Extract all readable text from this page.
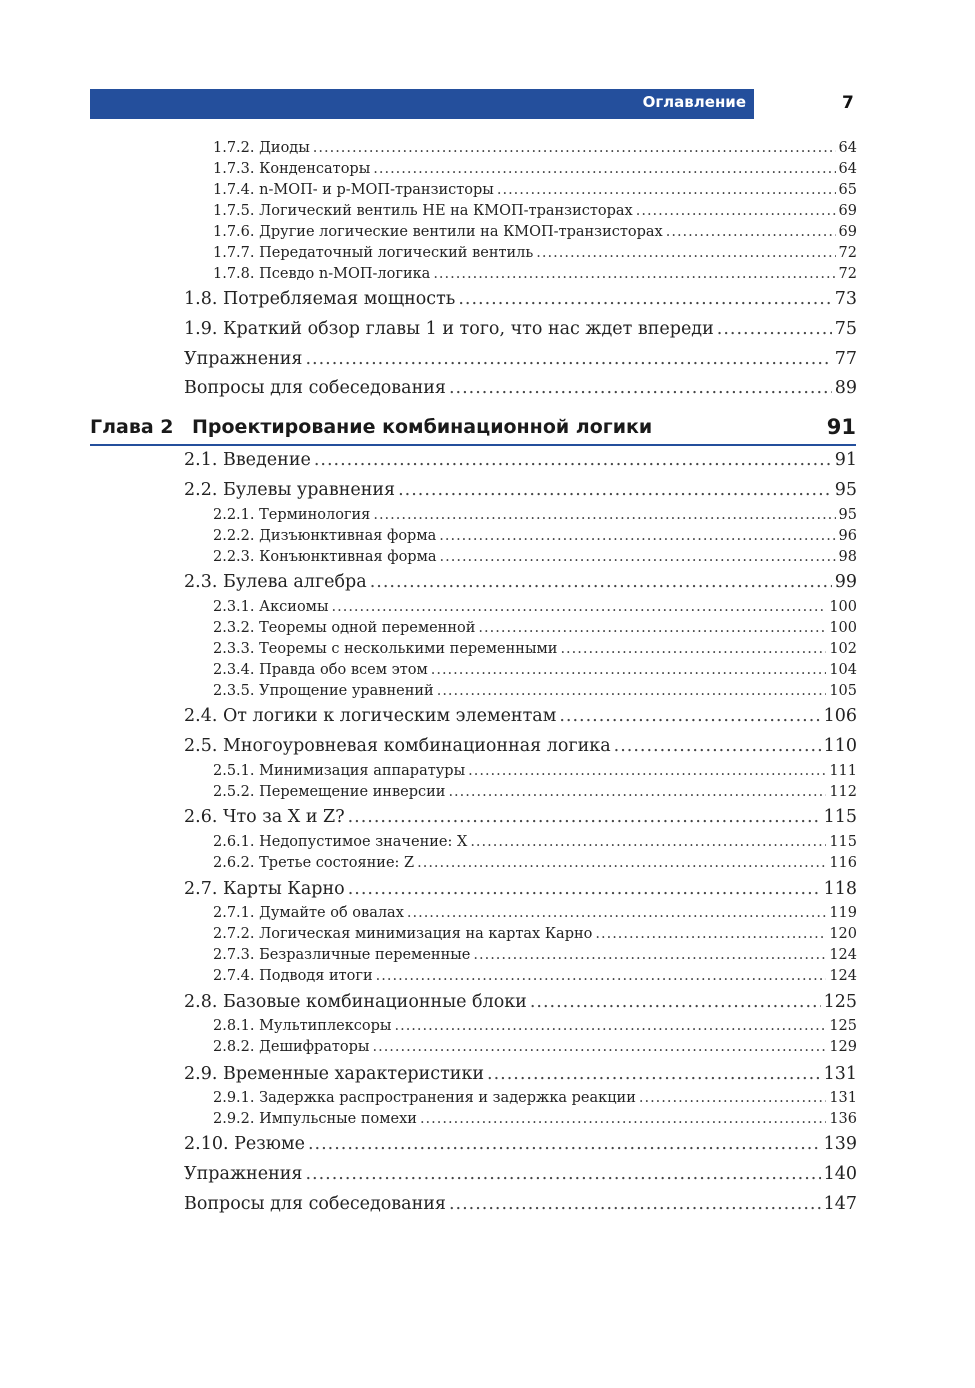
Оглавление	7
1.7.2. Диоды .....	64
1.7.3. Конденсаторы .....	64
1.7.4. n-МОП- и p-МОП-транзисторы .....	65
1.7.5. Логический вентиль НЕ на КМОП-транзисторах .....	69
1.7.6. Другие логические вентили на КМОП-транзисторах .....	69
1.7.7. Передаточный логический вентиль .....	72
1.7.8. Псевдо n-МОП-логика .....	72
1.8. Потребляемая мощность .....	73
1.9. Краткий обзор главы 1 и того, что нас ждет впереди .....	75
Упражнения .....	77
Вопросы для собеседования .....	89
Глава 2 Проектирование комбинационной логики	91
2.1. Введение .....	91
2.2. Булевы уравнения .....	95
2.2.1. Терминология .....	95
2.2.2. Дизъюнктивная форма .....	96
2.2.3. Конъюнктивная форма .....	98
2.3. Булева алгебра .....	99
2.3.1. Аксиомы .....	100
2.3.2. Теоремы одной переменной .....	100
2.3.3. Теоремы с несколькими переменными .....	102
2.3.4. Правда обо всем этом .....	104
2.3.5. Упрощение уравнений .....	105
2.4. От логики к логическим элементам .....	106
2.5. Многоуровневая комбинационная логика .....	110
2.5.1. Минимизация аппаратуры .....	111
2.5.2. Перемещение инверсии .....	112
2.6. Что за X и Z? .....	115
2.6.1. Недопустимое значение: X .....	115
2.6.2. Третье состояние: Z .....	116
2.7. Карты Карно .....	118
2.7.1. Думайте об овалах .....	119
2.7.2. Логическая минимизация на картах Карно .....	120
2.7.3. Безразличные переменные .....	124
2.7.4. Подводя итоги .....	124
2.8. Базовые комбинационные блоки .....	125
2.8.1. Мультиплексоры .....	125
2.8.2. Дешифраторы .....	129
2.9. Временные характеристики .....	131
2.9.1. Задержка распространения и задержка реакции .....	131
2.9.2. Импульсные помехи .....	136
2.10. Резюме .....	139
Упражнения .....	140
Вопросы для собеседования .....	147
